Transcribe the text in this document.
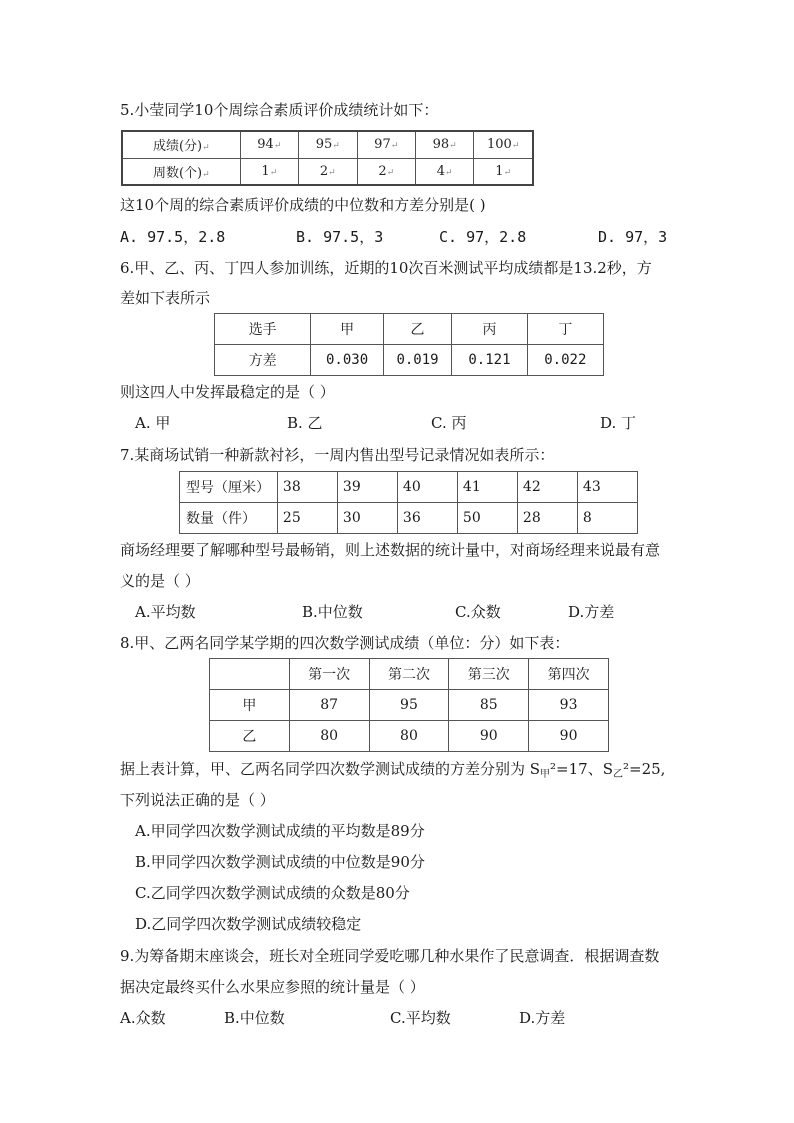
5.小莹同学10个周综合素质评价成绩统计如下：
成绩(分)↵	94↵	95↵	97↵	98↵	100↵
周数(个)↵	1↵	2↵	2↵	4↵	1↵
这10个周的综合素质评价成绩的中位数和方差分别是( )
A. 97.5，2.8	B. 97.5，3	C. 97，2.8	D. 97，3
6.甲、乙、丙、丁四人参加训练，近期的10次百米测试平均成绩都是13.2秒，方
差如下表所示
选手	甲	乙	丙	丁
方差	0.030	0.019	0.121	0.022
则这四人中发挥最稳定的是（ ）
A. 甲	B. 乙	C. 丙	D. 丁
7.某商场试销一种新款衬衫，一周内售出型号记录情况如表所示：
型号（厘米）	38	39	40	41	42	43
数量（件）	25	30	36	50	28	8
商场经理要了解哪种型号最畅销，则上述数据的统计量中，对商场经理来说最有意
义的是（ ）
A.平均数	B.中位数	C.众数	D.方差
8.甲、乙两名同学某学期的四次数学测试成绩（单位：分）如下表：
	第一次	第二次	第三次	第四次
甲	87	95	85	93
乙	80	80	90	90
据上表计算，甲、乙两名同学四次数学测试成绩的方差分别为 $S_甲^2=17$、$S_乙^2=25$,
下列说法正确的是（ ）
A.甲同学四次数学测试成绩的平均数是89分
B.甲同学四次数学测试成绩的中位数是90分
C.乙同学四次数学测试成绩的众数是80分
D.乙同学四次数学测试成绩较稳定
9.为筹备期末座谈会，班长对全班同学爱吃哪几种水果作了民意调查．根据调查数
据决定最终买什么水果应参照的统计量是（ ）
A.众数	B.中位数	C.平均数	D.方差
